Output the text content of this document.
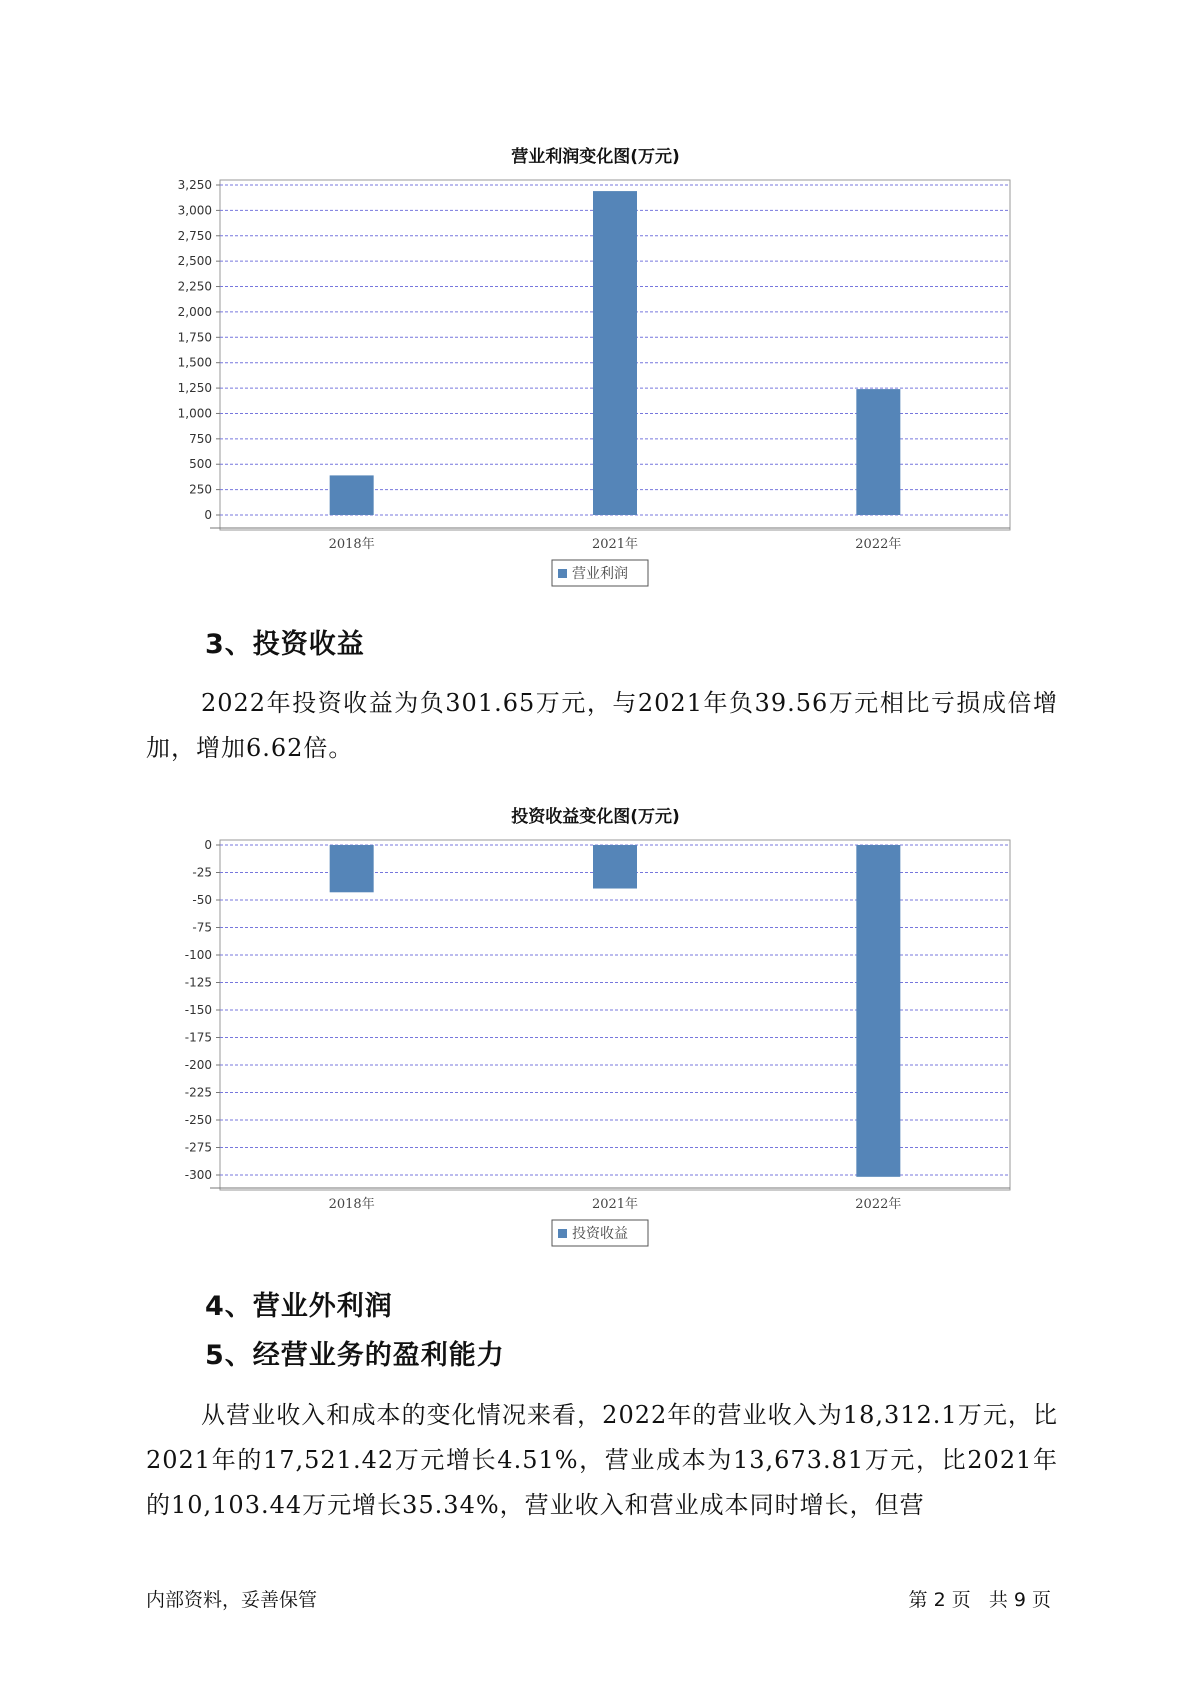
营业利润变化图(万元)
0
250
500
750
1,000
1,250
1,500
1,750
2,000
2,250
2,500
2,750
3,000
3,250
2018年	2021年	2022年
营业利润
3、投资收益

2022年投资收益为负301.65万元，与2021年负39.56万元相比亏损成倍增加，增加6.62倍。

投资收益变化图(万元)
0
-25
-50
-75
-100
-125
-150
-175
-200
-225
-250
-275
-300
2018年	2021年	2022年
投资收益
4、营业外利润
5、经营业务的盈利能力

从营业收入和成本的变化情况来看，2022年的营业收入为18,312.1万元，比2021年的17,521.42万元增长4.51%，营业成本为13,673.81万元，比2021年的10,103.44万元增长35.34%，营业收入和营业成本同时增长，但营

内部资料，妥善保管	第 2 页   共 9 页
